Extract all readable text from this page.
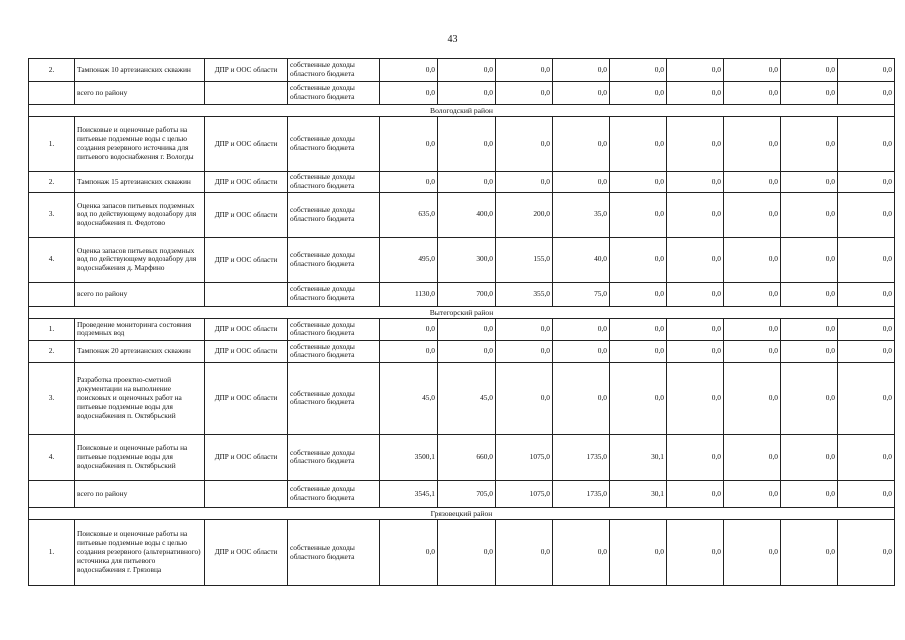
43
2.	Тампонаж 10 артезианских скважин	ДПР и ООС области	собственные доходы областного бюджета	0,0	0,0	0,0	0,0	0,0	0,0	0,0	0,0	0,0
	всего по району		собственные доходы областного бюджета	0,0	0,0	0,0	0,0	0,0	0,0	0,0	0,0	0,0
Вологодский район												
1.	Поисковые и оценочные работы на питьевые подземные воды с целью создания резервного источника для питьевого водоснабжения г. Вологды	ДПР и ООС области	собственные доходы областного бюджета	0,0	0,0	0,0	0,0	0,0	0,0	0,0	0,0	0,0
2.	Тампонаж 15 артезианских скважин	ДПР и ООС области	собственные доходы областного бюджета	0,0	0,0	0,0	0,0	0,0	0,0	0,0	0,0	0,0
3.	Оценка запасов питьевых подземных вод по действующему водозабору для водоснабжения п. Федотово	ДПР и ООС области	собственные доходы областного бюджета	635,0	400,0	200,0	35,0	0,0	0,0	0,0	0,0	0,0
4.	Оценка запасов питьевых подземных вод по действующему водозабору для водоснабжения д. Марфино	ДПР и ООС области	собственные доходы областного бюджета	495,0	300,0	155,0	40,0	0,0	0,0	0,0	0,0	0,0
	всего по району		собственные доходы областного бюджета	1130,0	700,0	355,0	75,0	0,0	0,0	0,0	0,0	0,0
Вытегорский район												
1.	Проведение мониторинга состояния подземных вод	ДПР и ООС области	собственные доходы областного бюджета	0,0	0,0	0,0	0,0	0,0	0,0	0,0	0,0	0,0
2.	Тампонаж 20 артезианских скважин	ДПР и ООС области	собственные доходы областного бюджета	0,0	0,0	0,0	0,0	0,0	0,0	0,0	0,0	0,0
3.	Разработка проектно-сметной документации на выполнение поисковых и оценочных работ на питьевые подземные воды для водоснабжения п. Октябрьский	ДПР и ООС области	собственные доходы областного бюджета	45,0	45,0	0,0	0,0	0,0	0,0	0,0	0,0	0,0
4.	Поисковые и оценочные работы на питьевые подземные воды для водоснабжения п. Октябрьский	ДПР и ООС области	собственные доходы областного бюджета	3500,1	660,0	1075,0	1735,0	30,1	0,0	0,0	0,0	0,0
	всего по району		собственные доходы областного бюджета	3545,1	705,0	1075,0	1735,0	30,1	0,0	0,0	0,0	0,0
Грязовецкий район												
1.	Поисковые и оценочные работы на питьевые подземные воды с целью создания резервного (альтернативного) источника для питьевого водоснабжения г. Грязовца	ДПР и ООС области	собственные доходы областного бюджета	0,0	0,0	0,0	0,0	0,0	0,0	0,0	0,0	0,0
